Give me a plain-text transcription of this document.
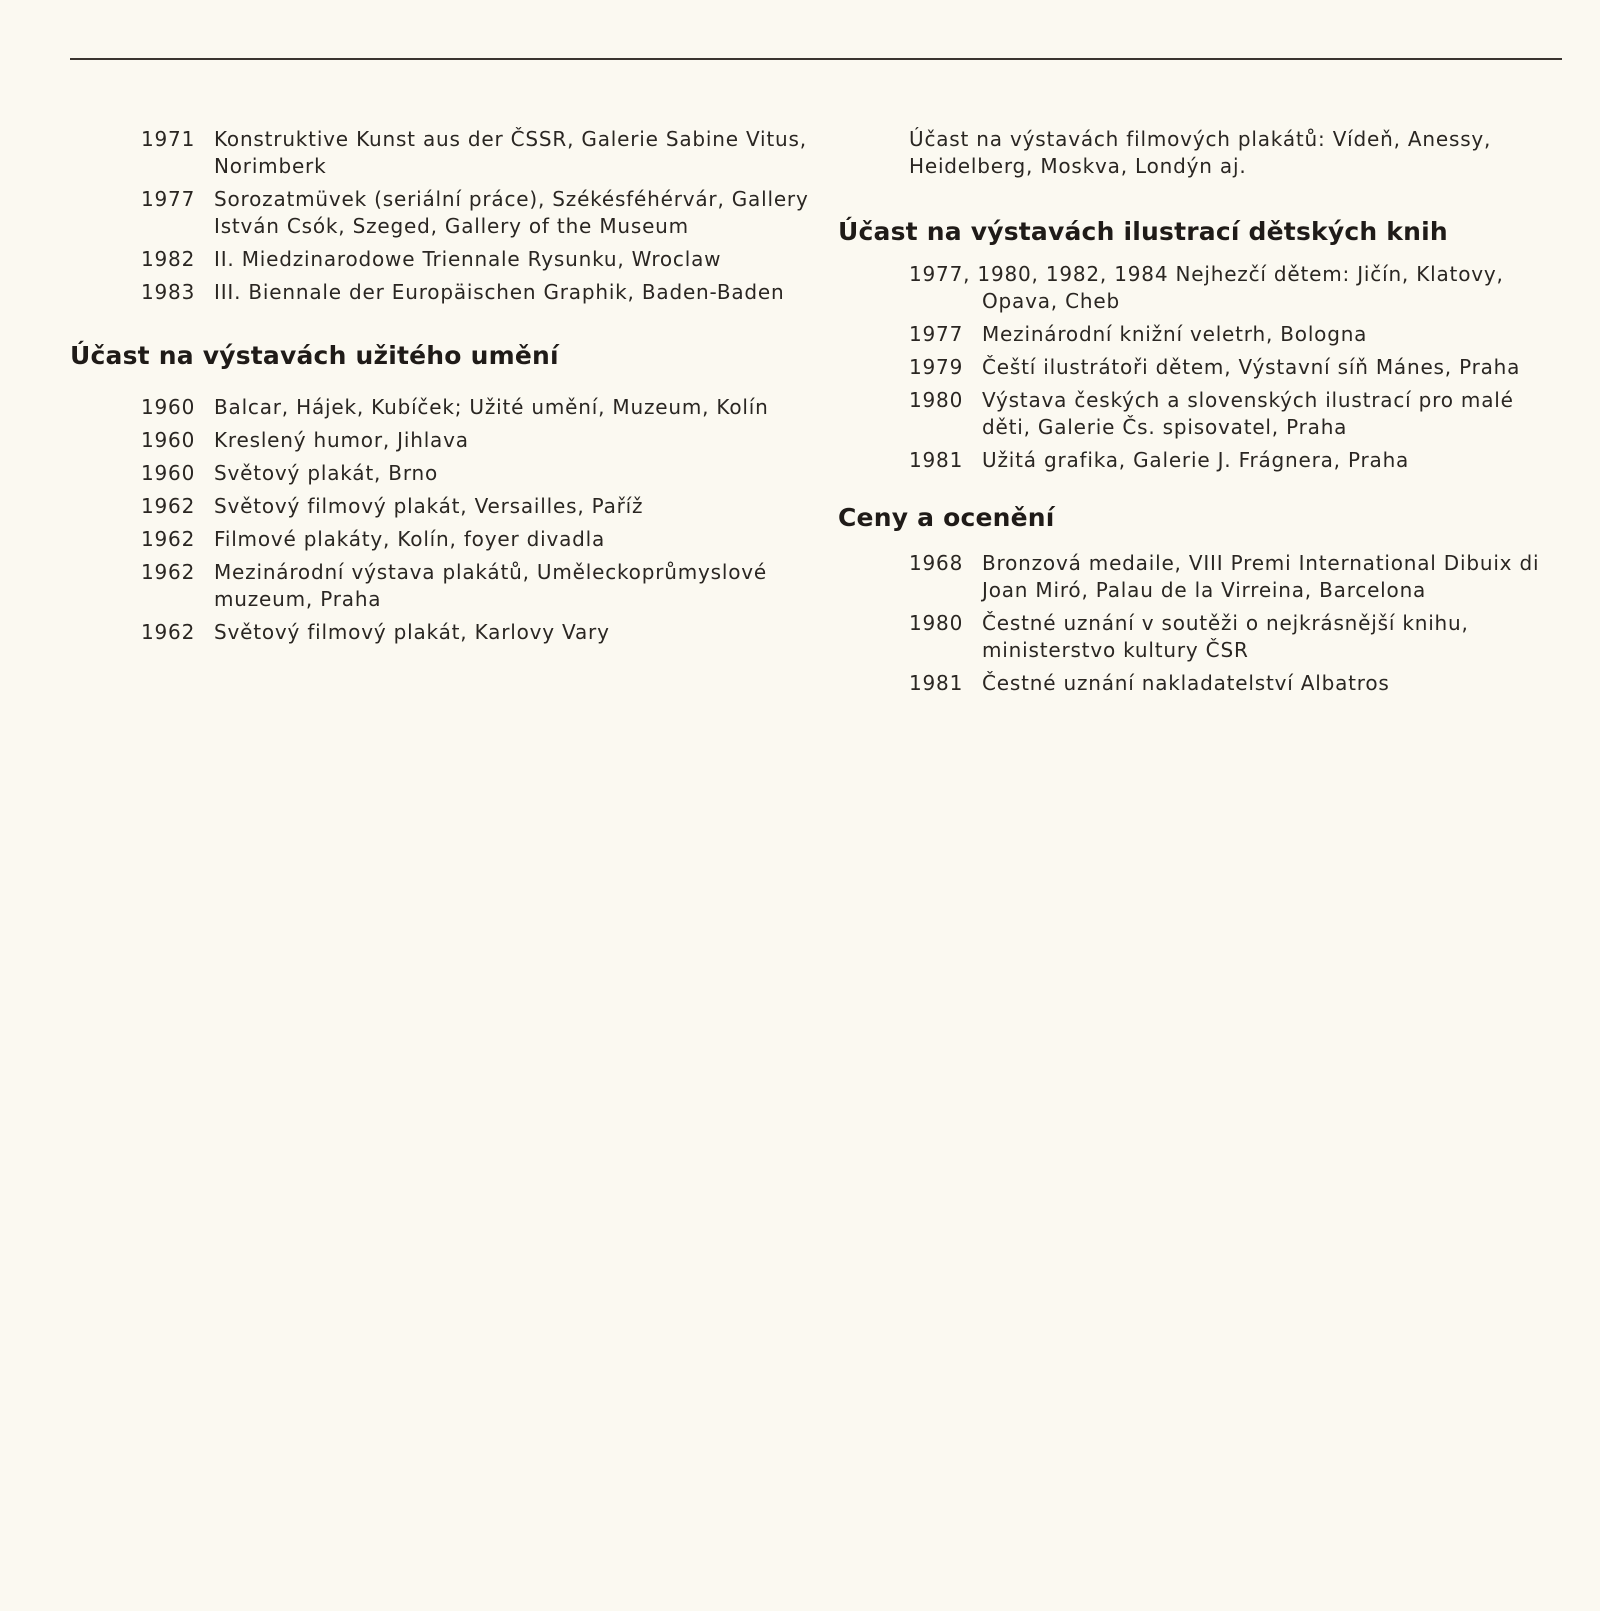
1971 Konstruktive Kunst aus der ČSSR, Galerie Sabine Vitus, Norimberk
1977 Sorozatmüvek (seriální práce), Székésféhérvár, Gallery István Csók, Szeged, Gallery of the Museum
1982 II. Miedzinarodowe Triennale Rysunku, Wroclaw
1983 III. Biennale der Europäischen Graphik, Baden-Baden
Účast na výstavách užitého umění
1960 Balcar, Hájek, Kubíček; Užité umění, Muzeum, Kolín
1960 Kreslený humor, Jihlava
1960 Světový plakát, Brno
1962 Světový filmový plakát, Versailles, Paříž
1962 Filmové plakáty, Kolín, foyer divadla
1962 Mezinárodní výstava plakátů, Uměleckoprůmyslové muzeum, Praha
1962 Světový filmový plakát, Karlovy Vary

Účast na výstavách filmových plakátů: Vídeň, Anessy, Heidelberg, Moskva, Londýn aj.

Účast na výstavách ilustrací dětských knih
1977, 1980, 1982, 1984 Nejhezčí dětem: Jičín, Klatovy,
Opava, Cheb
1977 Mezinárodní knižní veletrh, Bologna
1979 Čeští ilustrátoři dětem, Výstavní síň Mánes, Praha
1980 Výstava českých a slovenských ilustrací pro malé děti, Galerie Čs. spisovatel, Praha
1981 Užitá grafika, Galerie J. Frágnera, Praha
Ceny a ocenění
1968 Bronzová medaile, VIII Premi International Dibuix di Joan Miró, Palau de la Virreina, Barcelona
1980 Čestné uznání v soutěži o nejkrásnější knihu, ministerstvo kultury ČSR
1981 Čestné uznání nakladatelství Albatros
